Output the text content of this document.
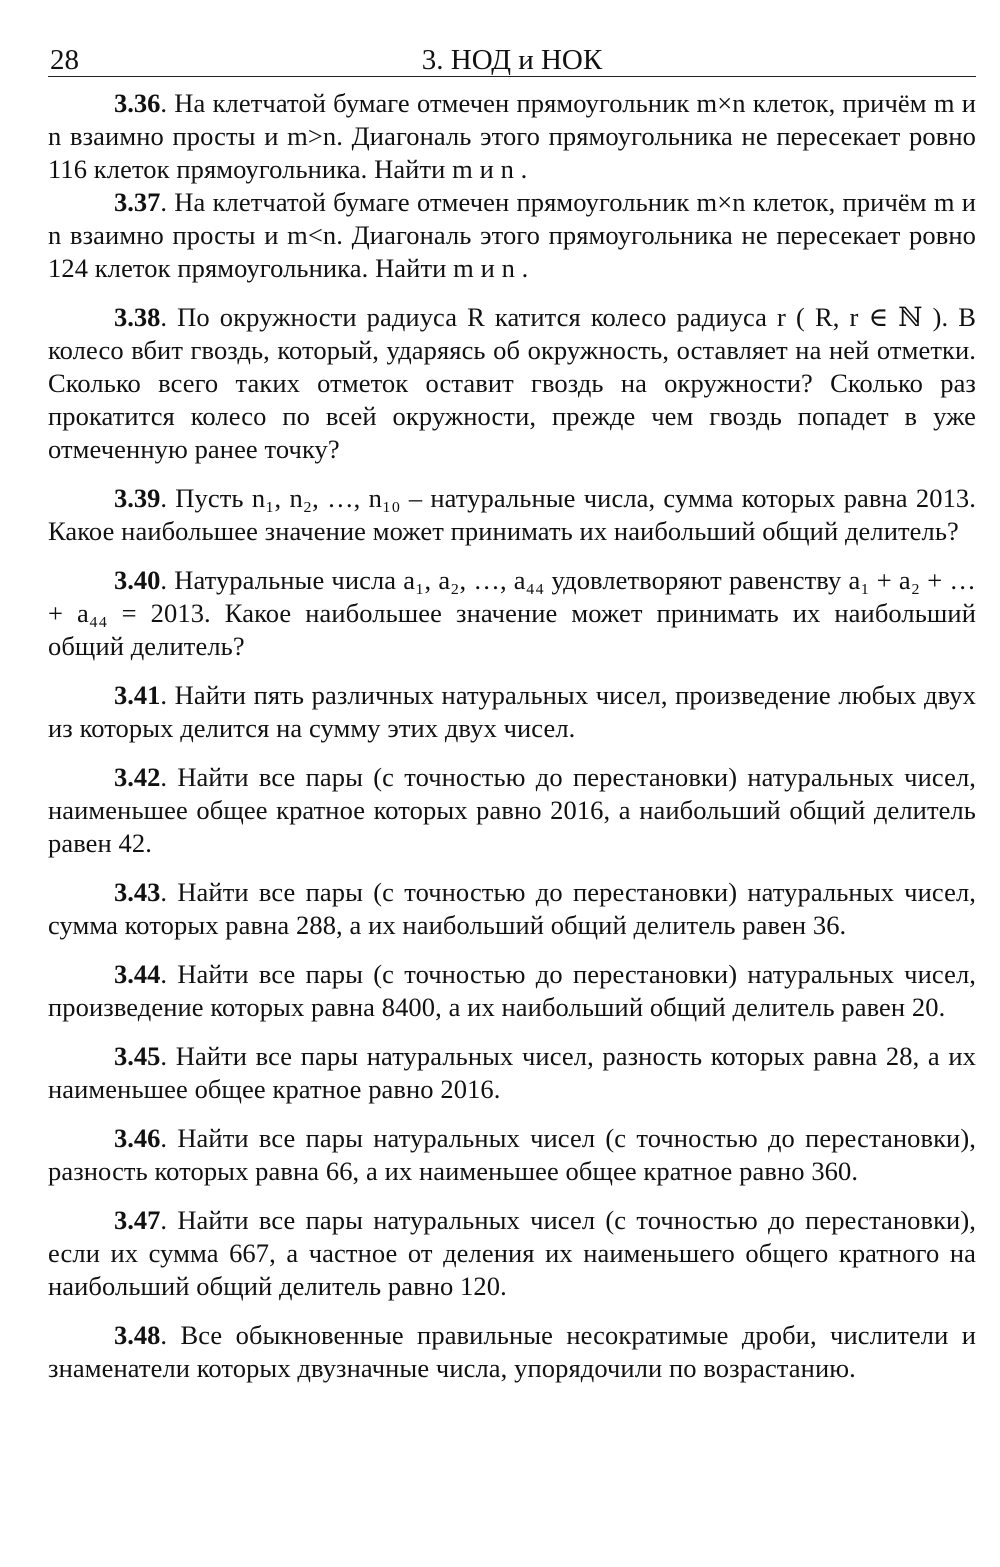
28	3. НОД и НОК

3.36. На клетчатой бумаге отмечен прямоугольник m×n клеток, причём m и n взаимно просты и m>n. Диагональ этого прямоугольника не пересекает ровно 116 клеток прямоугольника. Найти m и n .

3.37. На клетчатой бумаге отмечен прямоугольник m×n клеток, причём m и n взаимно просты и m<n. Диагональ этого прямоугольника не пересекает ровно 124 клеток прямоугольника. Найти m и n .

3.38. По окружности радиуса R катится колесо радиуса r ( R, r ∈ ℕ ). В колесо вбит гвоздь, который, ударяясь об окружность, оставляет на ней отметки. Сколько всего таких отметок оставит гвоздь на окружности? Сколько раз прокатится колесо по всей окружности, прежде чем гвоздь попадет в уже отмеченную ранее точку?

3.39. Пусть n₁, n₂, …, n₁₀ – натуральные числа, сумма которых равна 2013. Какое наибольшее значение может принимать их наибольший общий делитель?

3.40. Натуральные числа a₁, a₂, …, a₄₄ удовлетворяют равенству a₁ + a₂ + … + a₄₄ = 2013. Какое наибольшее значение может принимать их наибольший общий делитель?

3.41. Найти пять различных натуральных чисел, произведение любых двух из которых делится на сумму этих двух чисел.

3.42. Найти все пары (с точностью до перестановки) натуральных чисел, наименьшее общее кратное которых равно 2016, а наибольший общий делитель равен 42.

3.43. Найти все пары (с точностью до перестановки) натуральных чисел, сумма которых равна 288, а их наибольший общий делитель равен 36.

3.44. Найти все пары (с точностью до перестановки) натуральных чисел, произведение которых равна 8400, а их наибольший общий делитель равен 20.

3.45. Найти все пары натуральных чисел, разность которых равна 28, а их наименьшее общее кратное равно 2016.

3.46. Найти все пары натуральных чисел (с точностью до перестановки), разность которых равна 66, а их наименьшее общее кратное равно 360.

3.47. Найти все пары натуральных чисел (с точностью до перестановки), если их сумма 667, а частное от деления их наименьшего общего кратного на наибольший общий делитель равно 120.

3.48. Все обыкновенные правильные несократимые дроби, числители и знаменатели которых двузначные числа, упорядочили по возрастанию.
